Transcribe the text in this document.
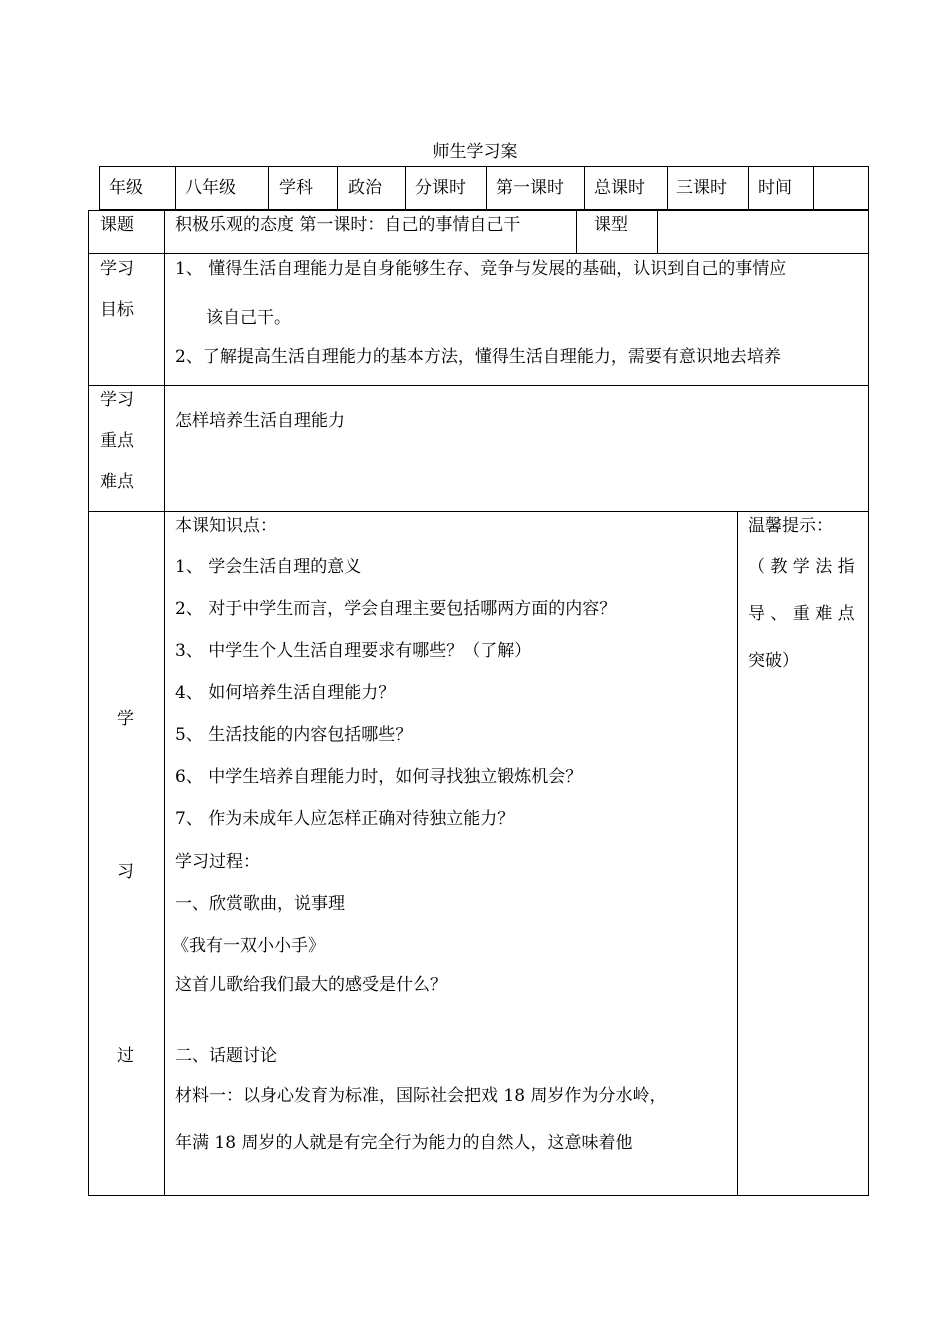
师生学习案
年级 八年级	学科 政治 分课时 第一课时 总课时 三课时 时间
课题 积极乐观的态度 第一课时：自己的事情自己干	课型
学习
目标
1、 懂得生活自理能力是自身能够生存、竞争与发展的基础，认识到自己的事情应
该自己干。
2、了解提高生活自理能力的基本方法，懂得生活自理能力，需要有意识地去培养
学习
重点
难点
怎样培养生活自理能力
学
习
过
本课知识点：
1、 学会生活自理的意义
2、 对于中学生而言，学会自理主要包括哪两方面的内容？
3、 中学生个人生活自理要求有哪些？（了解）
4、 如何培养生活自理能力？
5、 生活技能的内容包括哪些？
6、 中学生培养自理能力时，如何寻找独立锻炼机会？
7、 作为未成年人应怎样正确对待独立能力？
学习过程：
一、欣赏歌曲，说事理
《我有一双小小手》
这首儿歌给我们最大的感受是什么？
二、话题讨论
材料一：以身心发育为标准，国际社会把戏 18 周岁作为分水岭，
年满 18 周岁的人就是有完全行为能力的自然人，这意味着他
温馨提示：
（ 教 学 法 指
导 、 重 难 点
突破）
